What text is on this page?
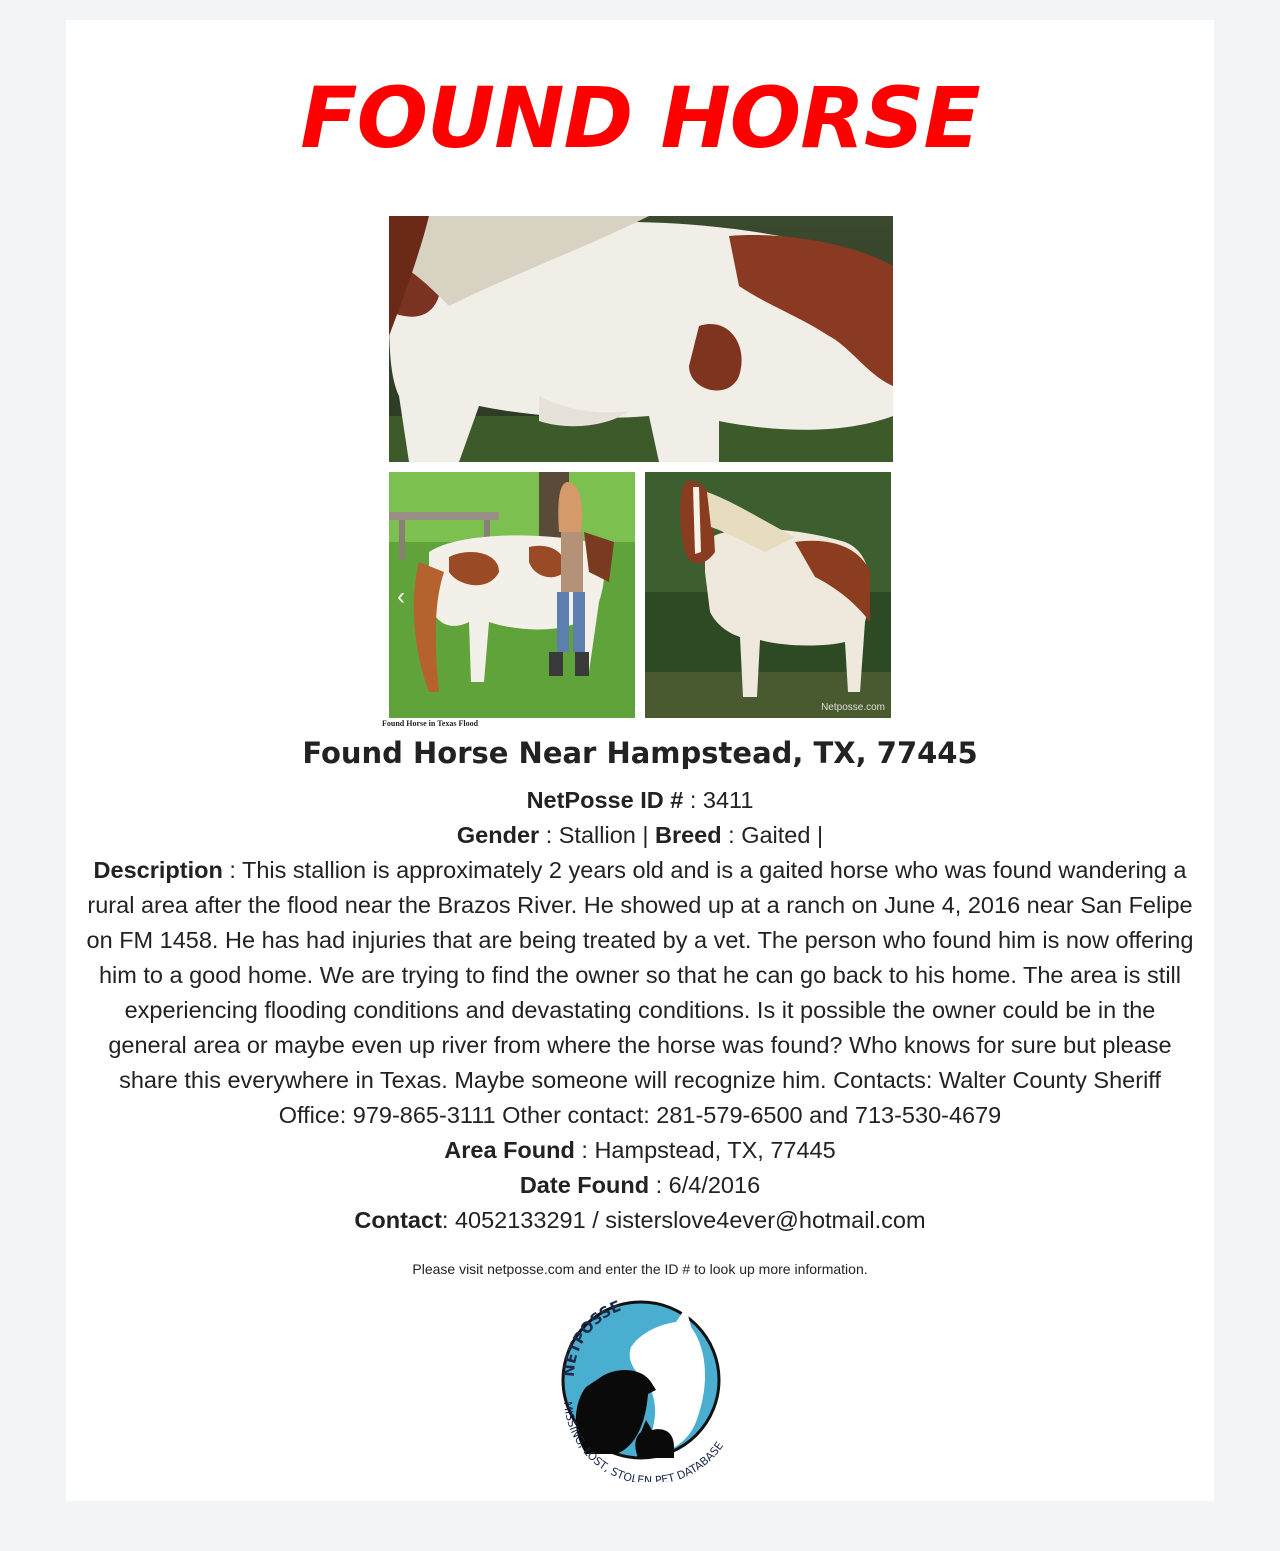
FOUND HORSE
Netposse.com
‹
Found Horse in Texas Flood
Found Horse Near Hampstead, TX, 77445
NetPosse ID # : 3411
Gender : Stallion | Breed : Gaited |
Description : This stallion is approximately 2 years old and is a gaited horse who was found wandering a rural area after the flood near the Brazos River. He showed up at a ranch on June 4, 2016 near San Felipe on FM 1458. He has had injuries that are being treated by a vet. The person who found him is now offering him to a good home. We are trying to find the owner so that he can go back to his home. The area is still experiencing flooding conditions and devastating conditions. Is it possible the owner could be in the general area or maybe even up river from where the horse was found? Who knows for sure but please share this everywhere in Texas. Maybe someone will recognize him. Contacts: Walter County Sheriff Office: 979-865-3111 Other contact: 281-579-6500 and 713-530-4679
Area Found : Hampstead, TX, 77445
Date Found : 6/4/2016
Contact: 4052133291 / sisterslove4ever@hotmail.com
Please visit netposse.com and enter the ID # to look up more information.
NETPOSSE
MISSING, LOST, STOLEN PET DATABASE
